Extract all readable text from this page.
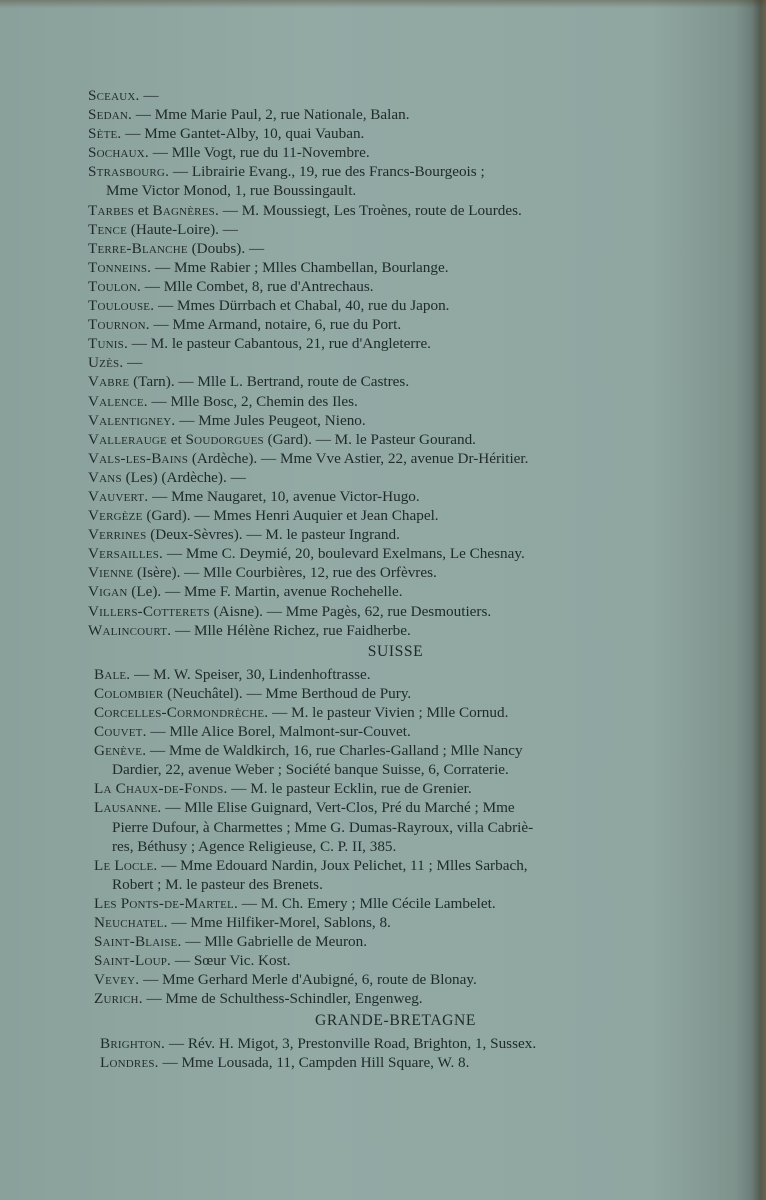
Sceaux. —
Sedan. — Mme Marie Paul, 2, rue Nationale, Balan.
Sète. — Mme Gantet-Alby, 10, quai Vauban.
Sochaux. — Mlle Vogt, rue du 11-Novembre.
Strasbourg. — Librairie Evang., 19, rue des Francs-Bourgeois ;
Mme Victor Monod, 1, rue Boussingault.
Tarbes et Bagnères. — M. Moussiegt, Les Troènes, route de Lourdes.
Tence (Haute-Loire). —
Terre-Blanche (Doubs). —
Tonneins. — Mme Rabier ; Mlles Chambellan, Bourlange.
Toulon. — Mlle Combet, 8, rue d'Antrechaus.
Toulouse. — Mmes Dürrbach et Chabal, 40, rue du Japon.
Tournon. — Mme Armand, notaire, 6, rue du Port.
Tunis. — M. le pasteur Cabantous, 21, rue d'Angleterre.
Uzès. —
Vabre (Tarn). — Mlle L. Bertrand, route de Castres.
Valence. — Mlle Bosc, 2, Chemin des Iles.
Valentigney. — Mme Jules Peugeot, Nieno.
Vallerauge et Soudorgues (Gard). — M. le Pasteur Gourand.
Vals-les-Bains (Ardèche). — Mme Vve Astier, 22, avenue Dr-Héritier.
Vans (Les) (Ardèche). —
Vauvert. — Mme Naugaret, 10, avenue Victor-Hugo.
Vergèze (Gard). — Mmes Henri Auquier et Jean Chapel.
Verrines (Deux-Sèvres). — M. le pasteur Ingrand.
Versailles. — Mme C. Deymié, 20, boulevard Exelmans, Le Chesnay.
Vienne (Isère). — Mlle Courbières, 12, rue des Orfèvres.
Vigan (Le). — Mme F. Martin, avenue Rochehelle.
Villers-Cotterets (Aisne). — Mme Pagès, 62, rue Desmoutiers.
Walincourt. — Mlle Hélène Richez, rue Faidherbe.
SUISSE
Bale. — M. W. Speiser, 30, Lindenhoftrasse.
Colombier (Neuchâtel). — Mme Berthoud de Pury.
Corcelles-Cormondrèche. — M. le pasteur Vivien ; Mlle Cornud.
Couvet. — Mlle Alice Borel, Malmont-sur-Couvet.
Genève. — Mme de Waldkirch, 16, rue Charles-Galland ; Mlle Nancy
Dardier, 22, avenue Weber ; Société banque Suisse, 6, Corraterie.
La Chaux-de-Fonds. — M. le pasteur Ecklin, rue de Grenier.
Lausanne. — Mlle Elise Guignard, Vert-Clos, Pré du Marché ; Mme
Pierre Dufour, à Charmettes ; Mme G. Dumas-Rayroux, villa Cabriè-
res, Béthusy ; Agence Religieuse, C. P. II, 385.
Le Locle. — Mme Edouard Nardin, Joux Pelichet, 11 ; Mlles Sarbach,
Robert ; M. le pasteur des Brenets.
Les Ponts-de-Martel. — M. Ch. Emery ; Mlle Cécile Lambelet.
Neuchatel. — Mme Hilfiker-Morel, Sablons, 8.
Saint-Blaise. — Mlle Gabrielle de Meuron.
Saint-Loup. — Sœur Vic. Kost.
Vevey. — Mme Gerhard Merle d'Aubigné, 6, route de Blonay.
Zurich. — Mme de Schulthess-Schindler, Engenweg.
GRANDE-BRETAGNE
Brighton. — Rév. H. Migot, 3, Prestonville Road, Brighton, 1, Sussex.
Londres. — Mme Lousada, 11, Campden Hill Square, W. 8.
